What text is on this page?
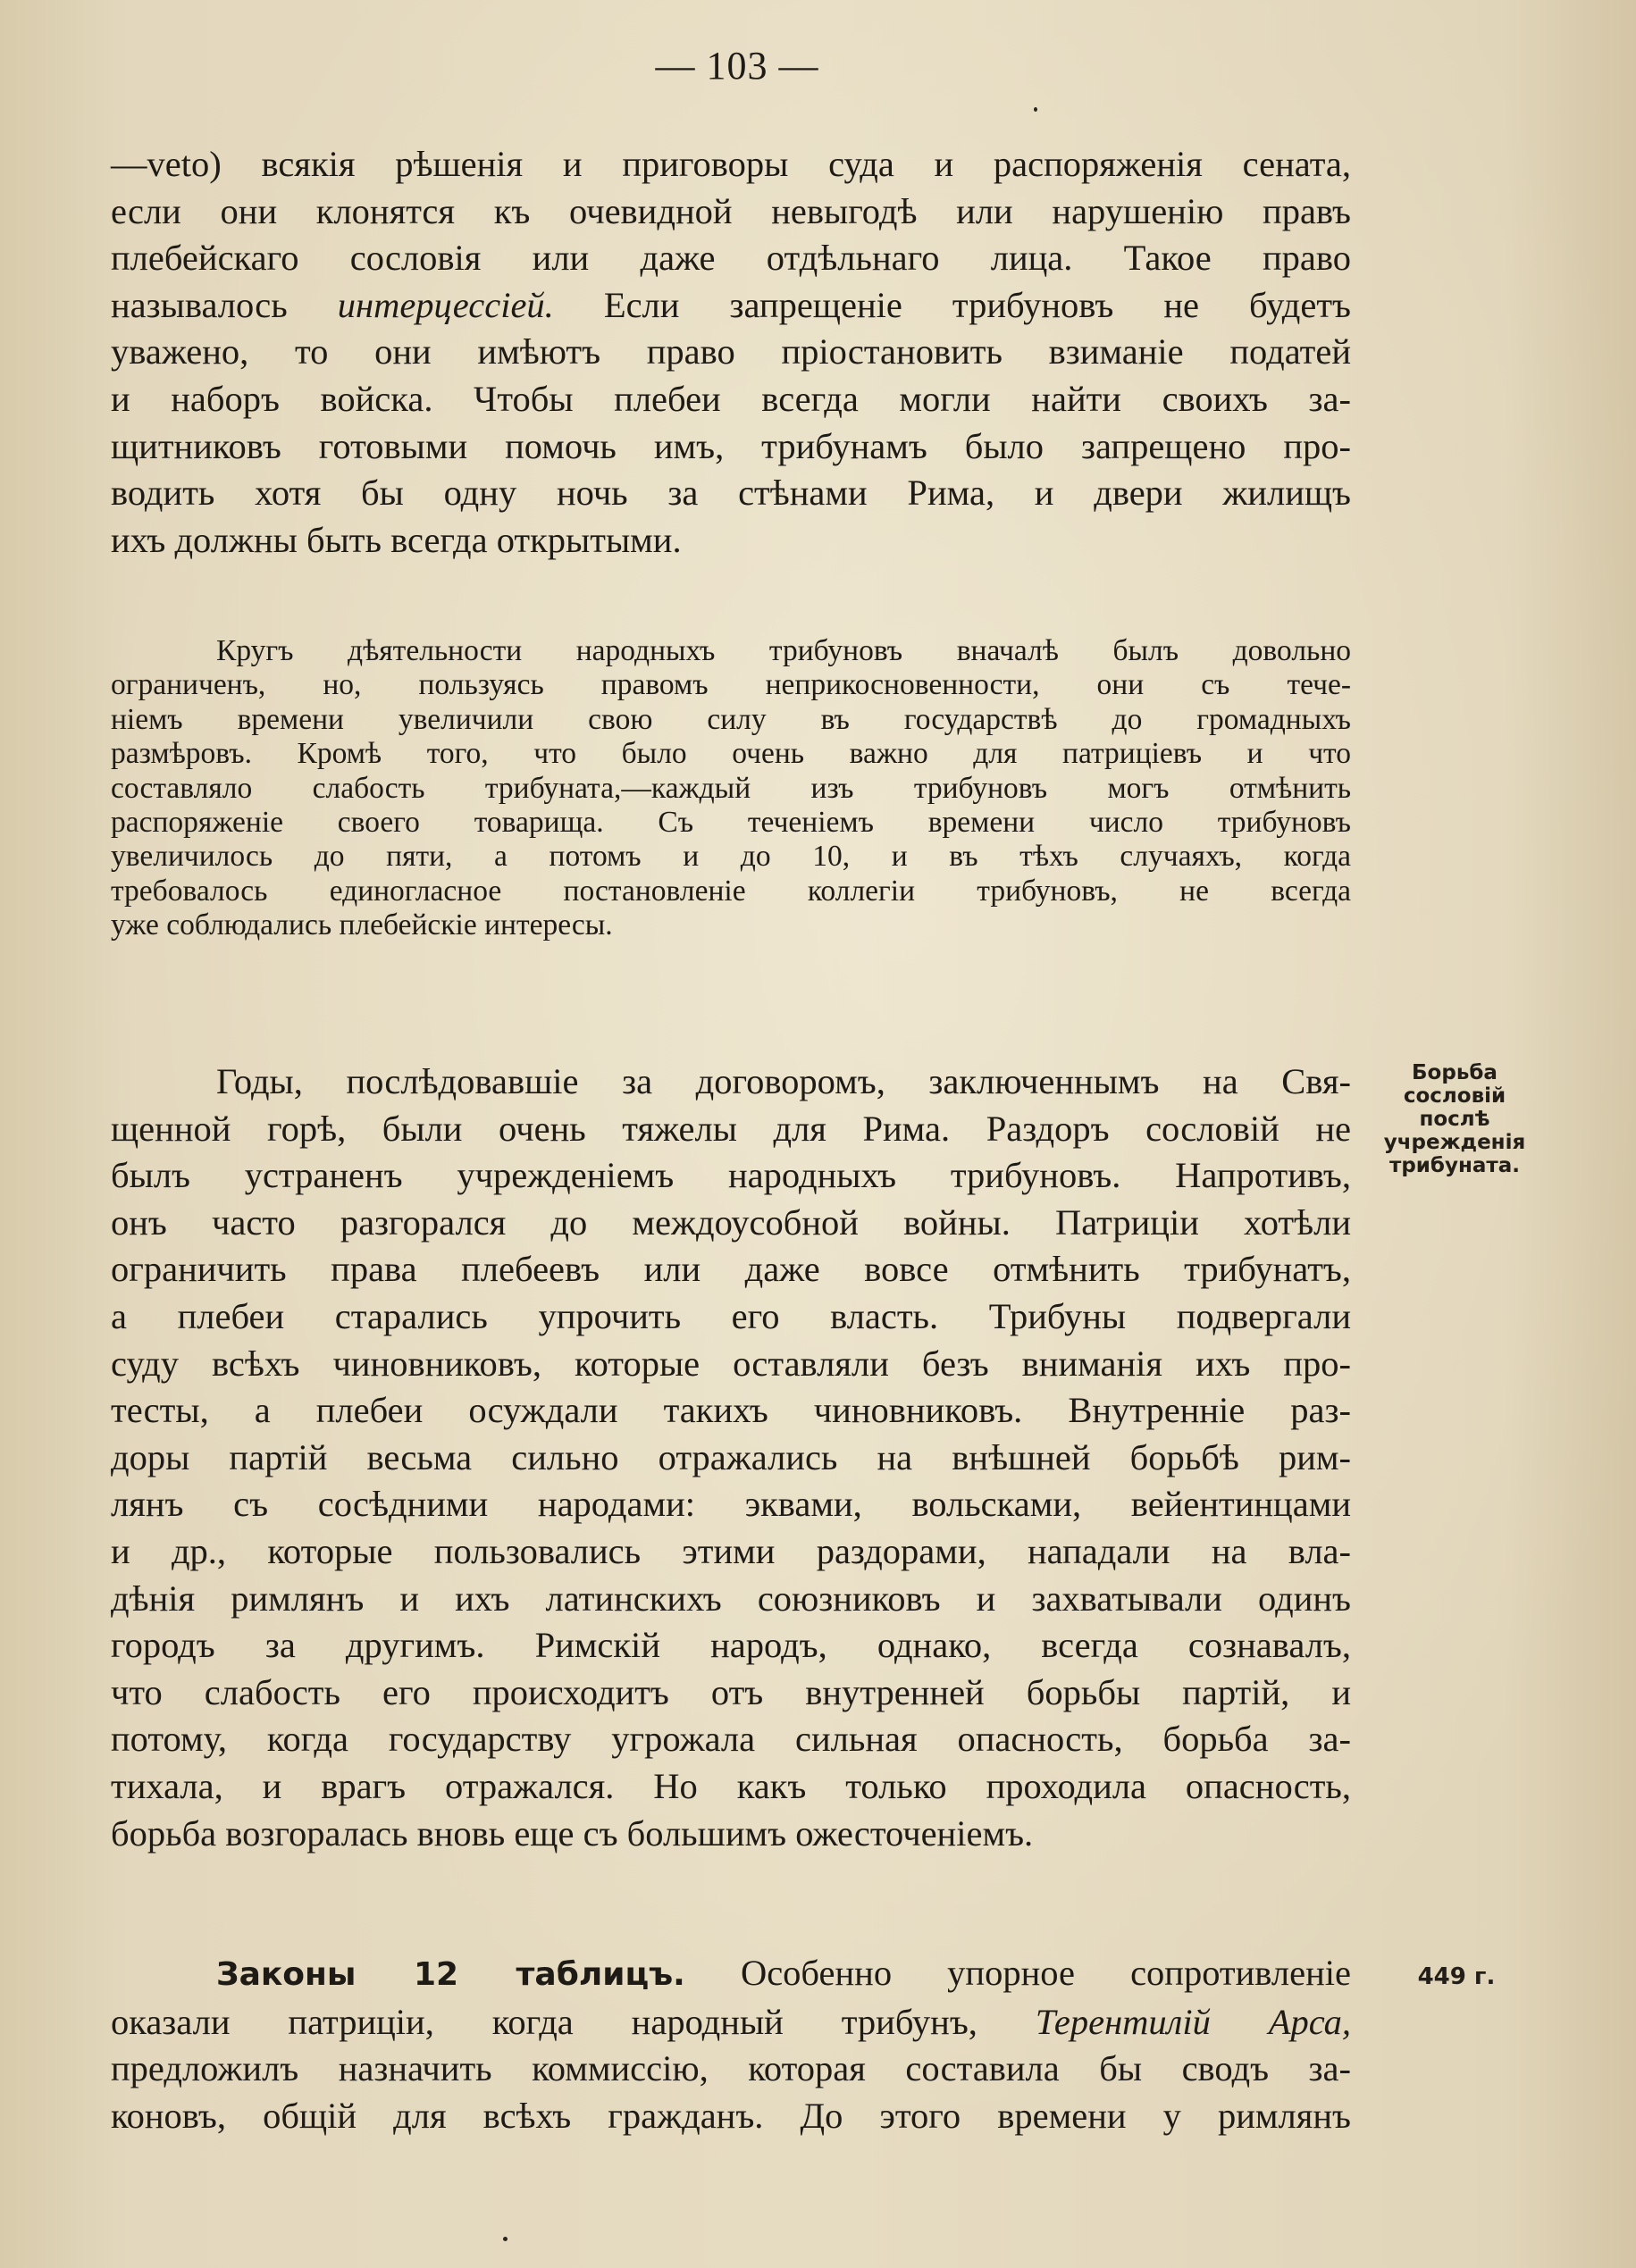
— 103 —
—veto) всякія рѣшенія и приговоры суда и распоряженія сената,
если они клонятся къ очевидной невыгодѣ или нарушенію правъ
плебейскаго сословія или даже отдѣльнаго лица. Такое право
называлось интерцессіей. Если запрещеніе трибуновъ не будетъ
уважено, то они имѣютъ право пріостановить взиманіе податей
и наборъ войска. Чтобы плебеи всегда могли найти своихъ за-
щитниковъ готовыми помочь имъ, трибунамъ было запрещено про-
водить хотя бы одну ночь за стѣнами Рима, и двери жилищъ
ихъ должны быть всегда открытыми.
Кругъ дѣятельности народныхъ трибуновъ вначалѣ былъ довольно
ограниченъ, но, пользуясь правомъ неприкосновенности, они съ тече-
ніемъ времени увеличили свою силу въ государствѣ до громадныхъ
размѣровъ. Кромѣ того, что было очень важно для патриціевъ и что
составляло слабость трибуната,—каждый изъ трибуновъ могъ отмѣнить
распоряженіе своего товарища. Съ теченіемъ времени число трибуновъ
увеличилось до пяти, а потомъ и до 10, и въ тѣхъ случаяхъ, когда
требовалось единогласное постановленіе коллегіи трибуновъ, не всегда
уже соблюдались плебейскіе интересы.
Годы, послѣдовавшіе за договоромъ, заключеннымъ на Свя-
щенной горѣ, были очень тяжелы для Рима. Раздоръ сословій не
былъ устраненъ учрежденіемъ народныхъ трибуновъ. Напротивъ,
онъ часто разгорался до междоусобной войны. Патриціи хотѣли
ограничить права плебеевъ или даже вовсе отмѣнить трибунатъ,
а плебеи старались упрочить его власть. Трибуны подвергали
суду всѣхъ чиновниковъ, которые оставляли безъ вниманія ихъ про-
тесты, а плебеи осуждали такихъ чиновниковъ. Внутренніе раз-
доры партій весьма сильно отражались на внѣшней борьбѣ рим-
лянъ съ сосѣдними народами: эквами, вольсками, вейентинцами
и др., которые пользовались этими раздорами, нападали на вла-
дѣнія римлянъ и ихъ латинскихъ союзниковъ и захватывали одинъ
городъ за другимъ. Римскій народъ, однако, всегда сознавалъ,
что слабость его происходитъ отъ внутренней борьбы партій, и
потому, когда государству угрожала сильная опасность, борьба за-
тихала, и врагъ отражался. Но какъ только проходила опасность,
борьба возгоралась вновь еще съ большимъ ожесточеніемъ.
Законы 12 таблицъ. Особенно упорное сопротивленіе
оказали патриціи, когда народный трибунъ, Терентилій Арса,
предложилъ назначить коммиссію, которая составила бы сводъ за-
коновъ, общій для всѣхъ гражданъ. До этого времени у римлянъ
Борьба
сословій
послѣ
учрежденія
трибуната.
449 г.
